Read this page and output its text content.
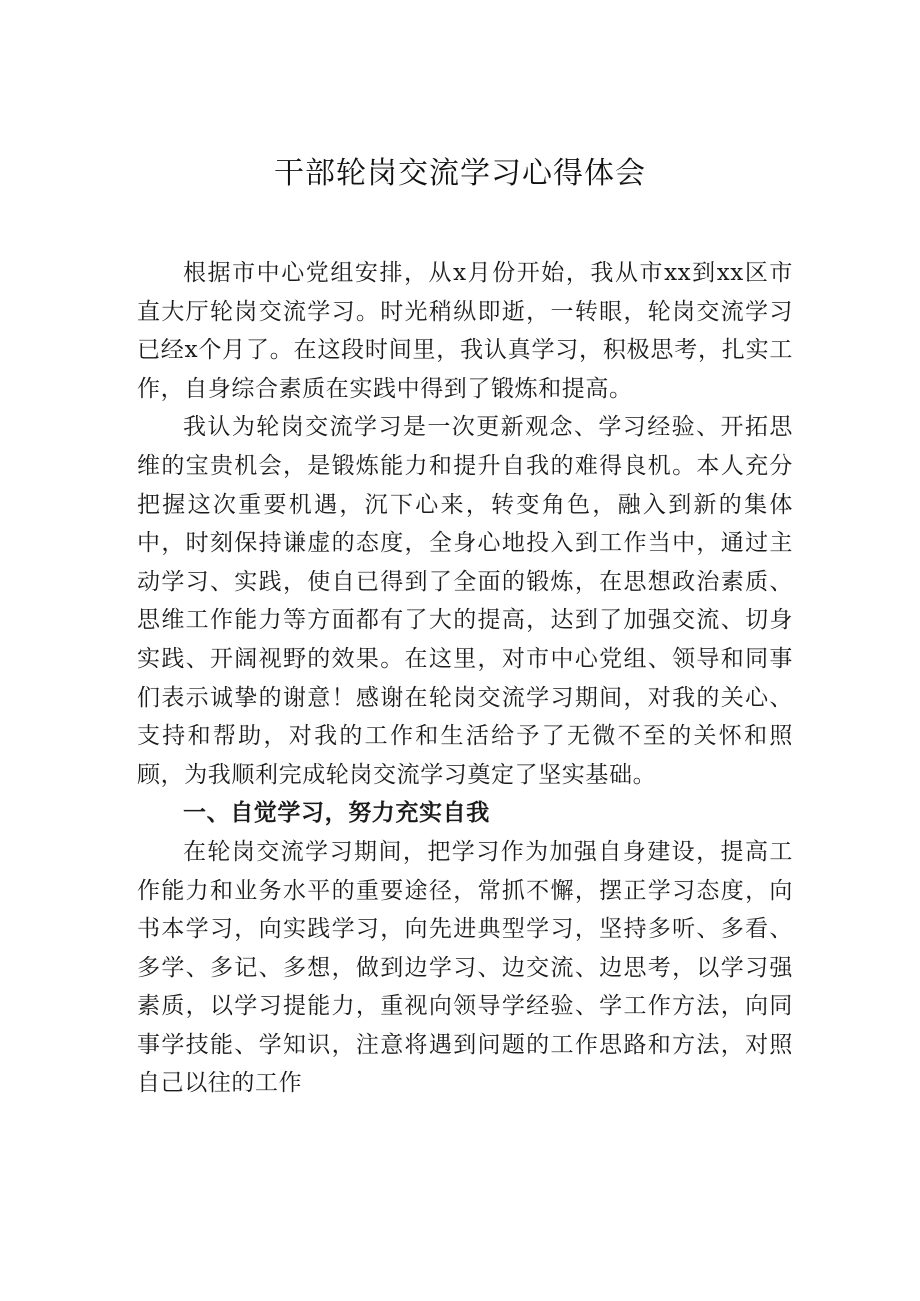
干部轮岗交流学习心得体会

根据市中心党组安排，从x月份开始，我从市xx到xx区市直大厅轮岗交流学习。时光稍纵即逝，一转眼，轮岗交流学习已经x个月了。在这段时间里，我认真学习，积极思考，扎实工作，自身综合素质在实践中得到了锻炼和提高。

我认为轮岗交流学习是一次更新观念、学习经验、开拓思维的宝贵机会，是锻炼能力和提升自我的难得良机。本人充分把握这次重要机遇，沉下心来，转变角色，融入到新的集体中，时刻保持谦虚的态度，全身心地投入到工作当中，通过主动学习、实践，使自已得到了全面的锻炼，在思想政治素质、思维工作能力等方面都有了大的提高，达到了加强交流、切身实践、开阔视野的效果。在这里，对市中心党组、领导和同事们表示诚挚的谢意！感谢在轮岗交流学习期间，对我的关心、支持和帮助，对我的工作和生活给予了无微不至的关怀和照顾，为我顺利完成轮岗交流学习奠定了坚实基础。

一、自觉学习，努力充实自我

在轮岗交流学习期间，把学习作为加强自身建设，提高工作能力和业务水平的重要途径，常抓不懈，摆正学习态度，向书本学习，向实践学习，向先进典型学习，坚持多听、多看、多学、多记、多想，做到边学习、边交流、边思考，以学习强素质，以学习提能力，重视向领导学经验、学工作方法，向同事学技能、学知识，注意将遇到问题的工作思路和方法，对照自己以往的工作
